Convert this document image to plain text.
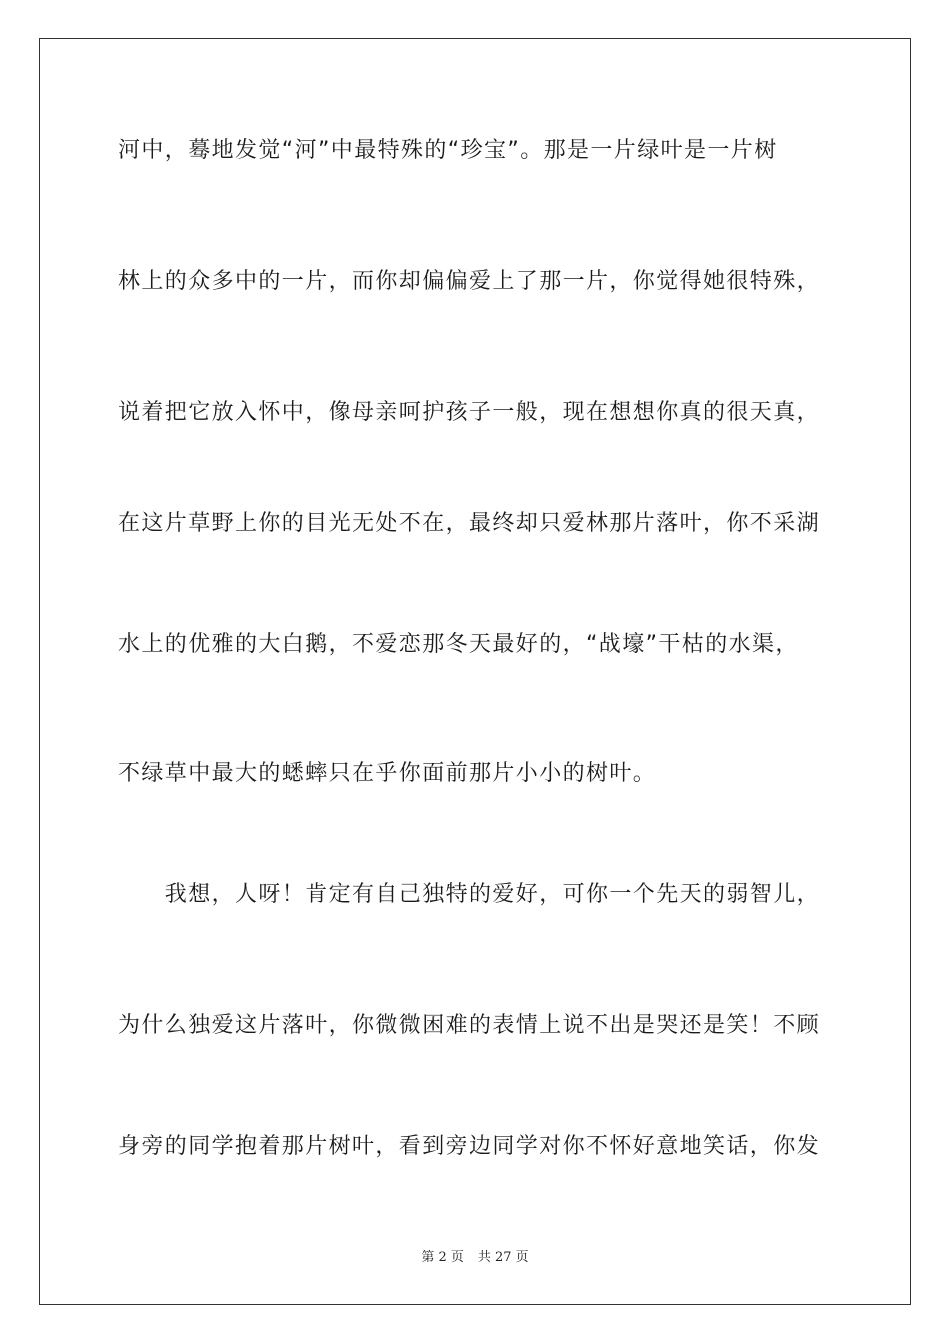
河中，蓦地发觉“河”中最特殊的“珍宝”。那是一片绿叶是一片树
林上的众多中的一片，而你却偏偏爱上了那一片，你觉得她很特殊，
说着把它放入怀中，像母亲呵护孩子一般，现在想想你真的很天真，
在这片草野上你的目光无处不在，最终却只爱林那片落叶，你不采湖
水上的优雅的大白鹅，不爱恋那冬天最好的，“战壕”干枯的水渠，
不绿草中最大的蟋蟀只在乎你面前那片小小的树叶。
　　我想，人呀！肯定有自己独特的爱好，可你一个先天的弱智儿，
为什么独爱这片落叶，你微微困难的表情上说不出是哭还是笑！不顾
身旁的同学抱着那片树叶，看到旁边同学对你不怀好意地笑话，你发
第 2 页 共 27 页
